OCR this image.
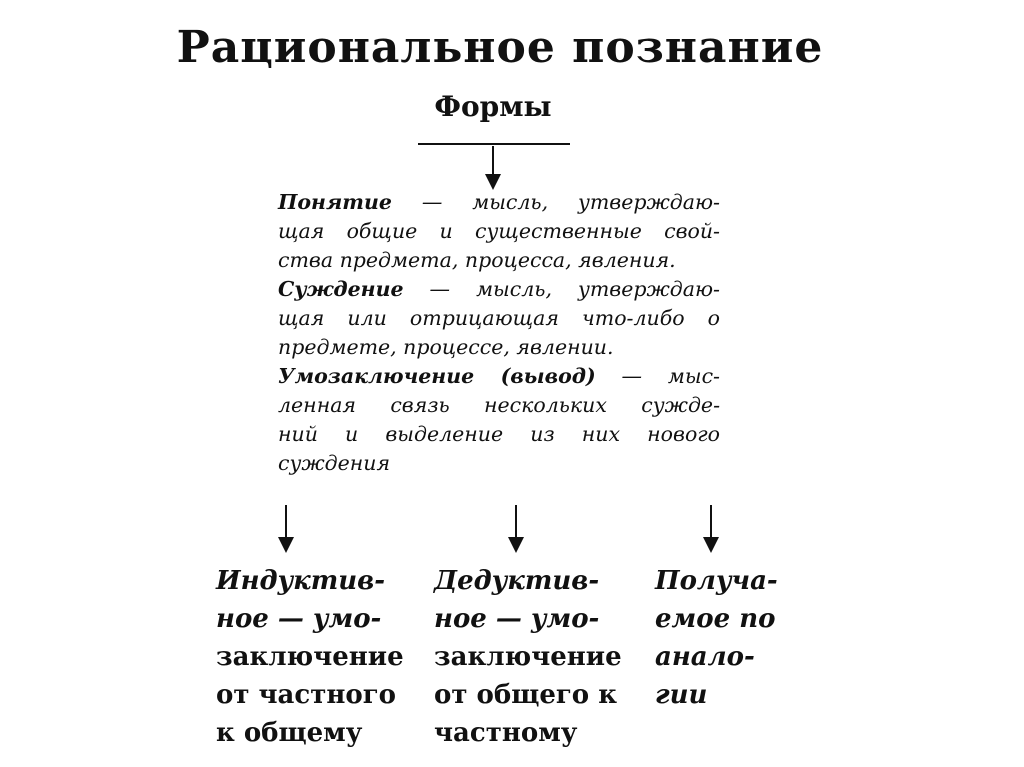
Рациональное познание
Формы
Понятие — мысль, утверждаю-
щая общие и существенные свой-
ства предмета, процесса, явления.
Суждение — мысль, утверждаю-
щая или отрицающая что-либо о
предмете, процессе, явлении.
Умозаключение (вывод) — мыс-
ленная связь нескольких сужде-
ний и выделение из них нового
суждения
Индуктив-
ное — умо-
заключение
от частного
к общему
Дедуктив-
ное — умо-
заключение
от общего к
частному
Получа-
емое по
анало-
гии
